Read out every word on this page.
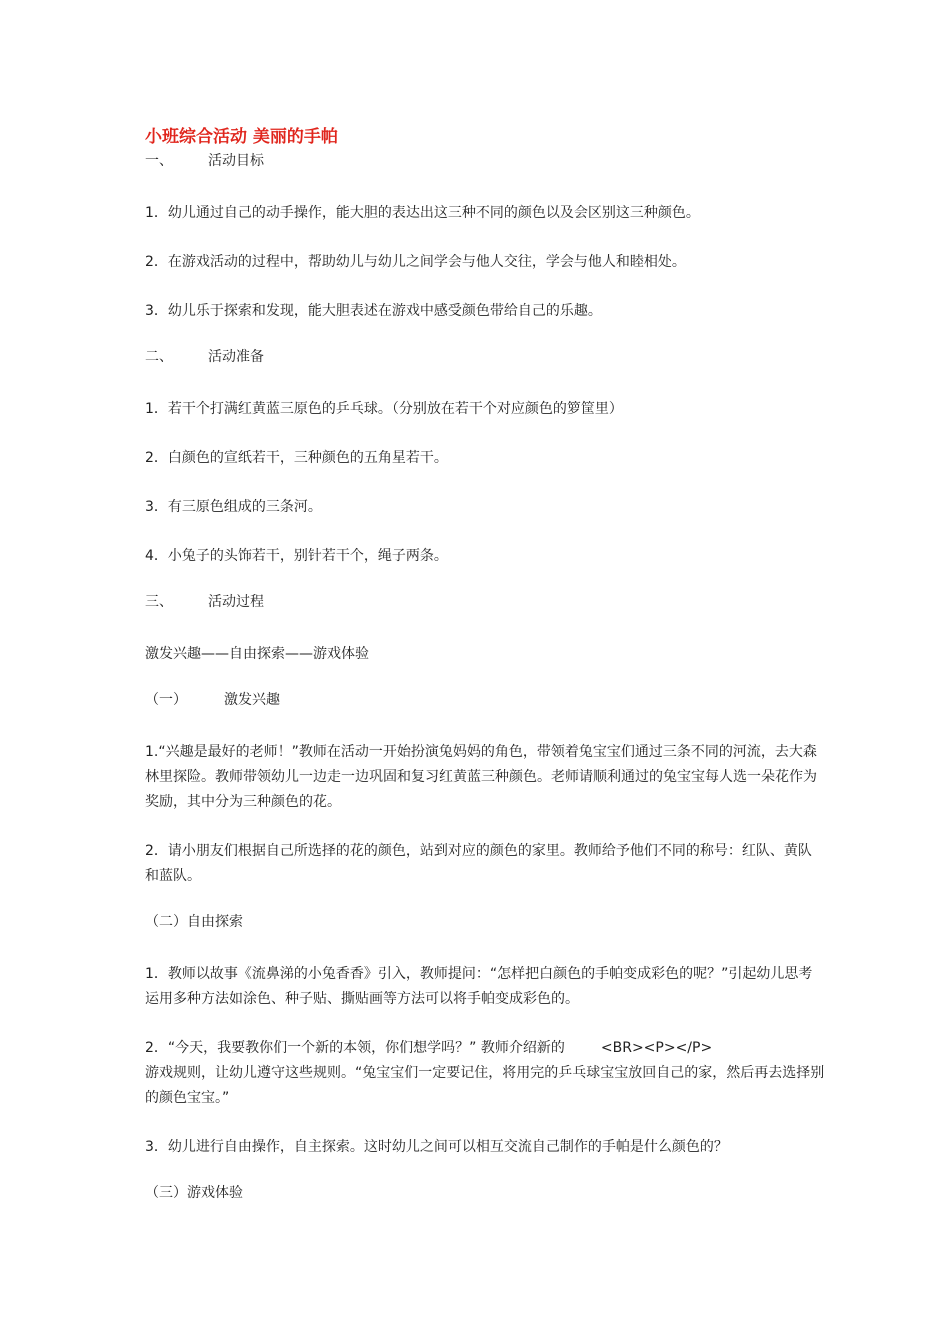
小班综合活动 美丽的手帕

一、	活动目标

1．幼儿通过自己的动手操作，能大胆的表达出这三种不同的颜色以及会区别这三种颜色。

2．在游戏活动的过程中，帮助幼儿与幼儿之间学会与他人交往，学会与他人和睦相处。

3．幼儿乐于探索和发现，能大胆表述在游戏中感受颜色带给自己的乐趣。

二、	活动准备

1．若干个打满红黄蓝三原色的乒乓球。（分别放在若干个对应颜色的箩筐里）

2．白颜色的宣纸若干，三种颜色的五角星若干。

3．有三原色组成的三条河。

4．小兔子的头饰若干，别针若干个，绳子两条。

三、	活动过程

激发兴趣——自由探索——游戏体验

（一）	激发兴趣

1.“兴趣是最好的老师！”教师在活动一开始扮演兔妈妈的角色，带领着兔宝宝们通过三条不同的河流，去大森林里探险。教师带领幼儿一边走一边巩固和复习红黄蓝三种颜色。老师请顺利通过的兔宝宝每人选一朵花作为奖励，其中分为三种颜色的花。

2．请小朋友们根据自己所选择的花的颜色，站到对应的颜色的家里。教师给予他们不同的称号：红队、黄队和蓝队。

（二）自由探索

1．教师以故事《流鼻涕的小兔香香》引入，教师提问：“怎样把白颜色的手帕变成彩色的呢？”引起幼儿思考运用多种方法如涂色、种子贴、撕贴画等方法可以将手帕变成彩色的。

2．“今天，我要教你们一个新的本领，你们想学吗？” 教师介绍新的	<BR><P></P>
游戏规则，让幼儿遵守这些规则。“兔宝宝们一定要记住，将用完的乒乓球宝宝放回自己的家，然后再去选择别的颜色宝宝。”

3．幼儿进行自由操作，自主探索。这时幼儿之间可以相互交流自己制作的手帕是什么颜色的？

（三）游戏体验
